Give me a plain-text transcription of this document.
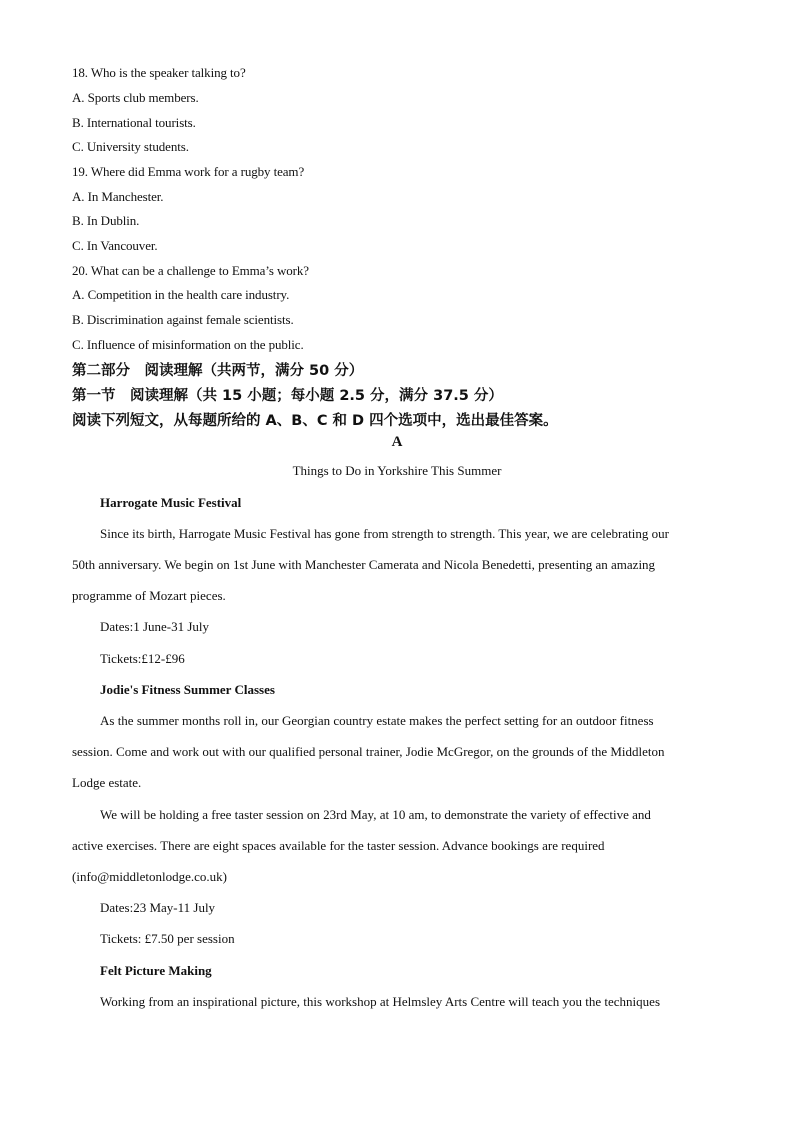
18. Who is the speaker talking to?
A. Sports club members.
B. International tourists.
C. University students.
19. Where did Emma work for a rugby team?
A. In Manchester.
B. In Dublin.
C. In Vancouver.
20. What can be a challenge to Emma’s work?
A. Competition in the health care industry.
B. Discrimination against female scientists.
C. Influence of misinformation on the public.
第二部分　阅读理解（共两节，满分 50 分）
第一节　阅读理解（共 15 小题；每小题 2.5 分，满分 37.5 分）
阅读下列短文，从每题所给的 A、B、C 和 D 四个选项中，选出最佳答案。
A
Things to Do in Yorkshire This Summer
Harrogate Music Festival
Since its birth, Harrogate Music Festival has gone from strength to strength. This year, we are celebrating our
50th anniversary. We begin on 1st June with Manchester Camerata and Nicola Benedetti, presenting an amazing
programme of Mozart pieces.
Dates:1 June-31 July
Tickets:£12-£96
Jodie's Fitness Summer Classes
As the summer months roll in, our Georgian country estate makes the perfect setting for an outdoor fitness
session. Come and work out with our qualified personal trainer, Jodie McGregor, on the grounds of the Middleton
Lodge estate.
We will be holding a free taster session on 23rd May, at 10 am, to demonstrate the variety of effective and
active exercises. There are eight spaces available for the taster session. Advance bookings are required
(info@middletonlodge.co.uk)
Dates:23 May-11 July
Tickets: £7.50 per session
Felt Picture Making
Working from an inspirational picture, this workshop at Helmsley Arts Centre will teach you the techniques
